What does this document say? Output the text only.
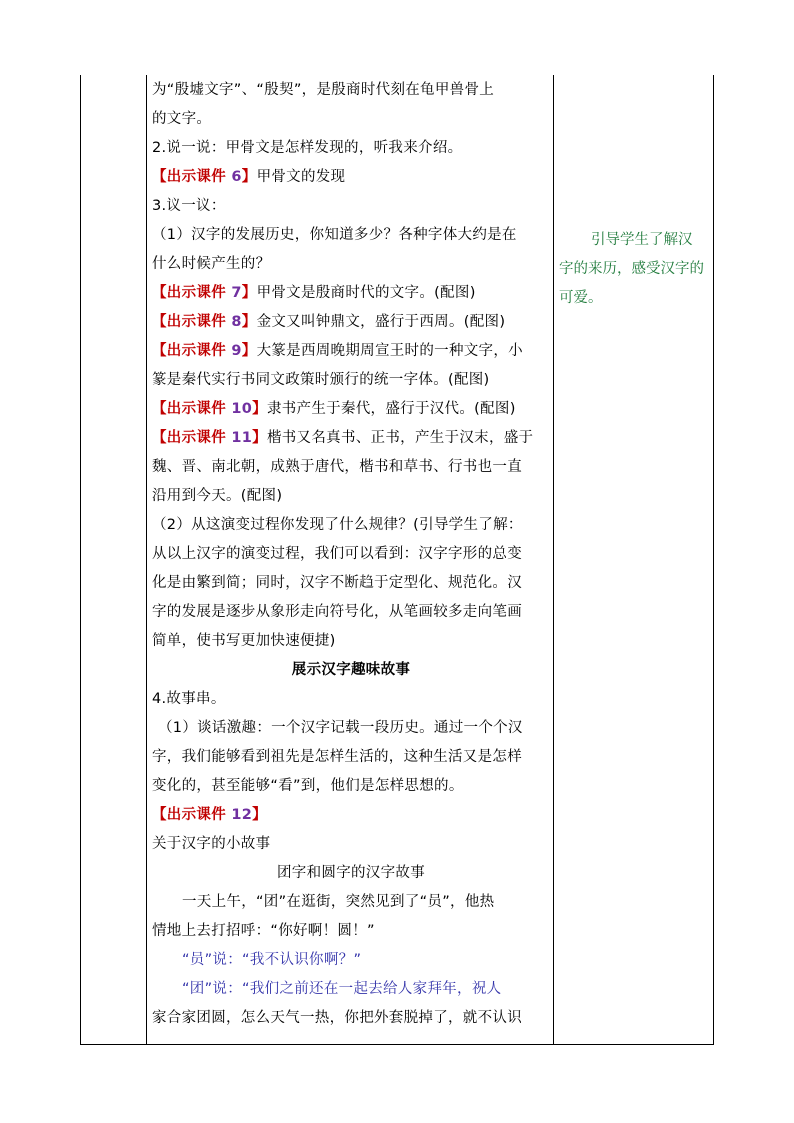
为“殷墟文字”、“殷契”，是殷商时代刻在龟甲兽骨上
的文字。
2.说一说：甲骨文是怎样发现的，听我来介绍。
【出示课件 6】甲骨文的发现
3.议一议：
（1）汉字的发展历史，你知道多少？各种字体大约是在
什么时候产生的？
【出示课件 7】甲骨文是殷商时代的文字。(配图)
【出示课件 8】金文又叫钟鼎文，盛行于西周。(配图)
【出示课件 9】大篆是西周晚期周宣王时的一种文字，小
篆是秦代实行书同文政策时颁行的统一字体。(配图)
【出示课件 10】隶书产生于秦代，盛行于汉代。(配图)
【出示课件 11】楷书又名真书、正书，产生于汉末，盛于
魏、晋、南北朝，成熟于唐代，楷书和草书、行书也一直
沿用到今天。(配图)
（2）从这演变过程你发现了什么规律？(引导学生了解：
从以上汉字的演变过程，我们可以看到：汉字字形的总变
化是由繁到简；同时，汉字不断趋于定型化、规范化。汉
字的发展是逐步从象形走向符号化，从笔画较多走向笔画
简单，使书写更加快速便捷)
展示汉字趣味故事
4.故事串。
（1）谈话激趣：一个汉字记载一段历史。通过一个个汉
字，我们能够看到祖先是怎样生活的，这种生活又是怎样
变化的，甚至能够“看”到，他们是怎样思想的。
【出示课件 12】
关于汉字的小故事
团字和圆字的汉字故事
一天上午，“团”在逛街，突然见到了“员”，他热
情地上去打招呼：“你好啊！圆！”
“员”说：“我不认识你啊？”
“团”说：“我们之前还在一起去给人家拜年，祝人
家合家团圆，怎么天气一热，你把外套脱掉了，就不认识
引导学生了解汉
字的来历，感受汉字的
可爱。
